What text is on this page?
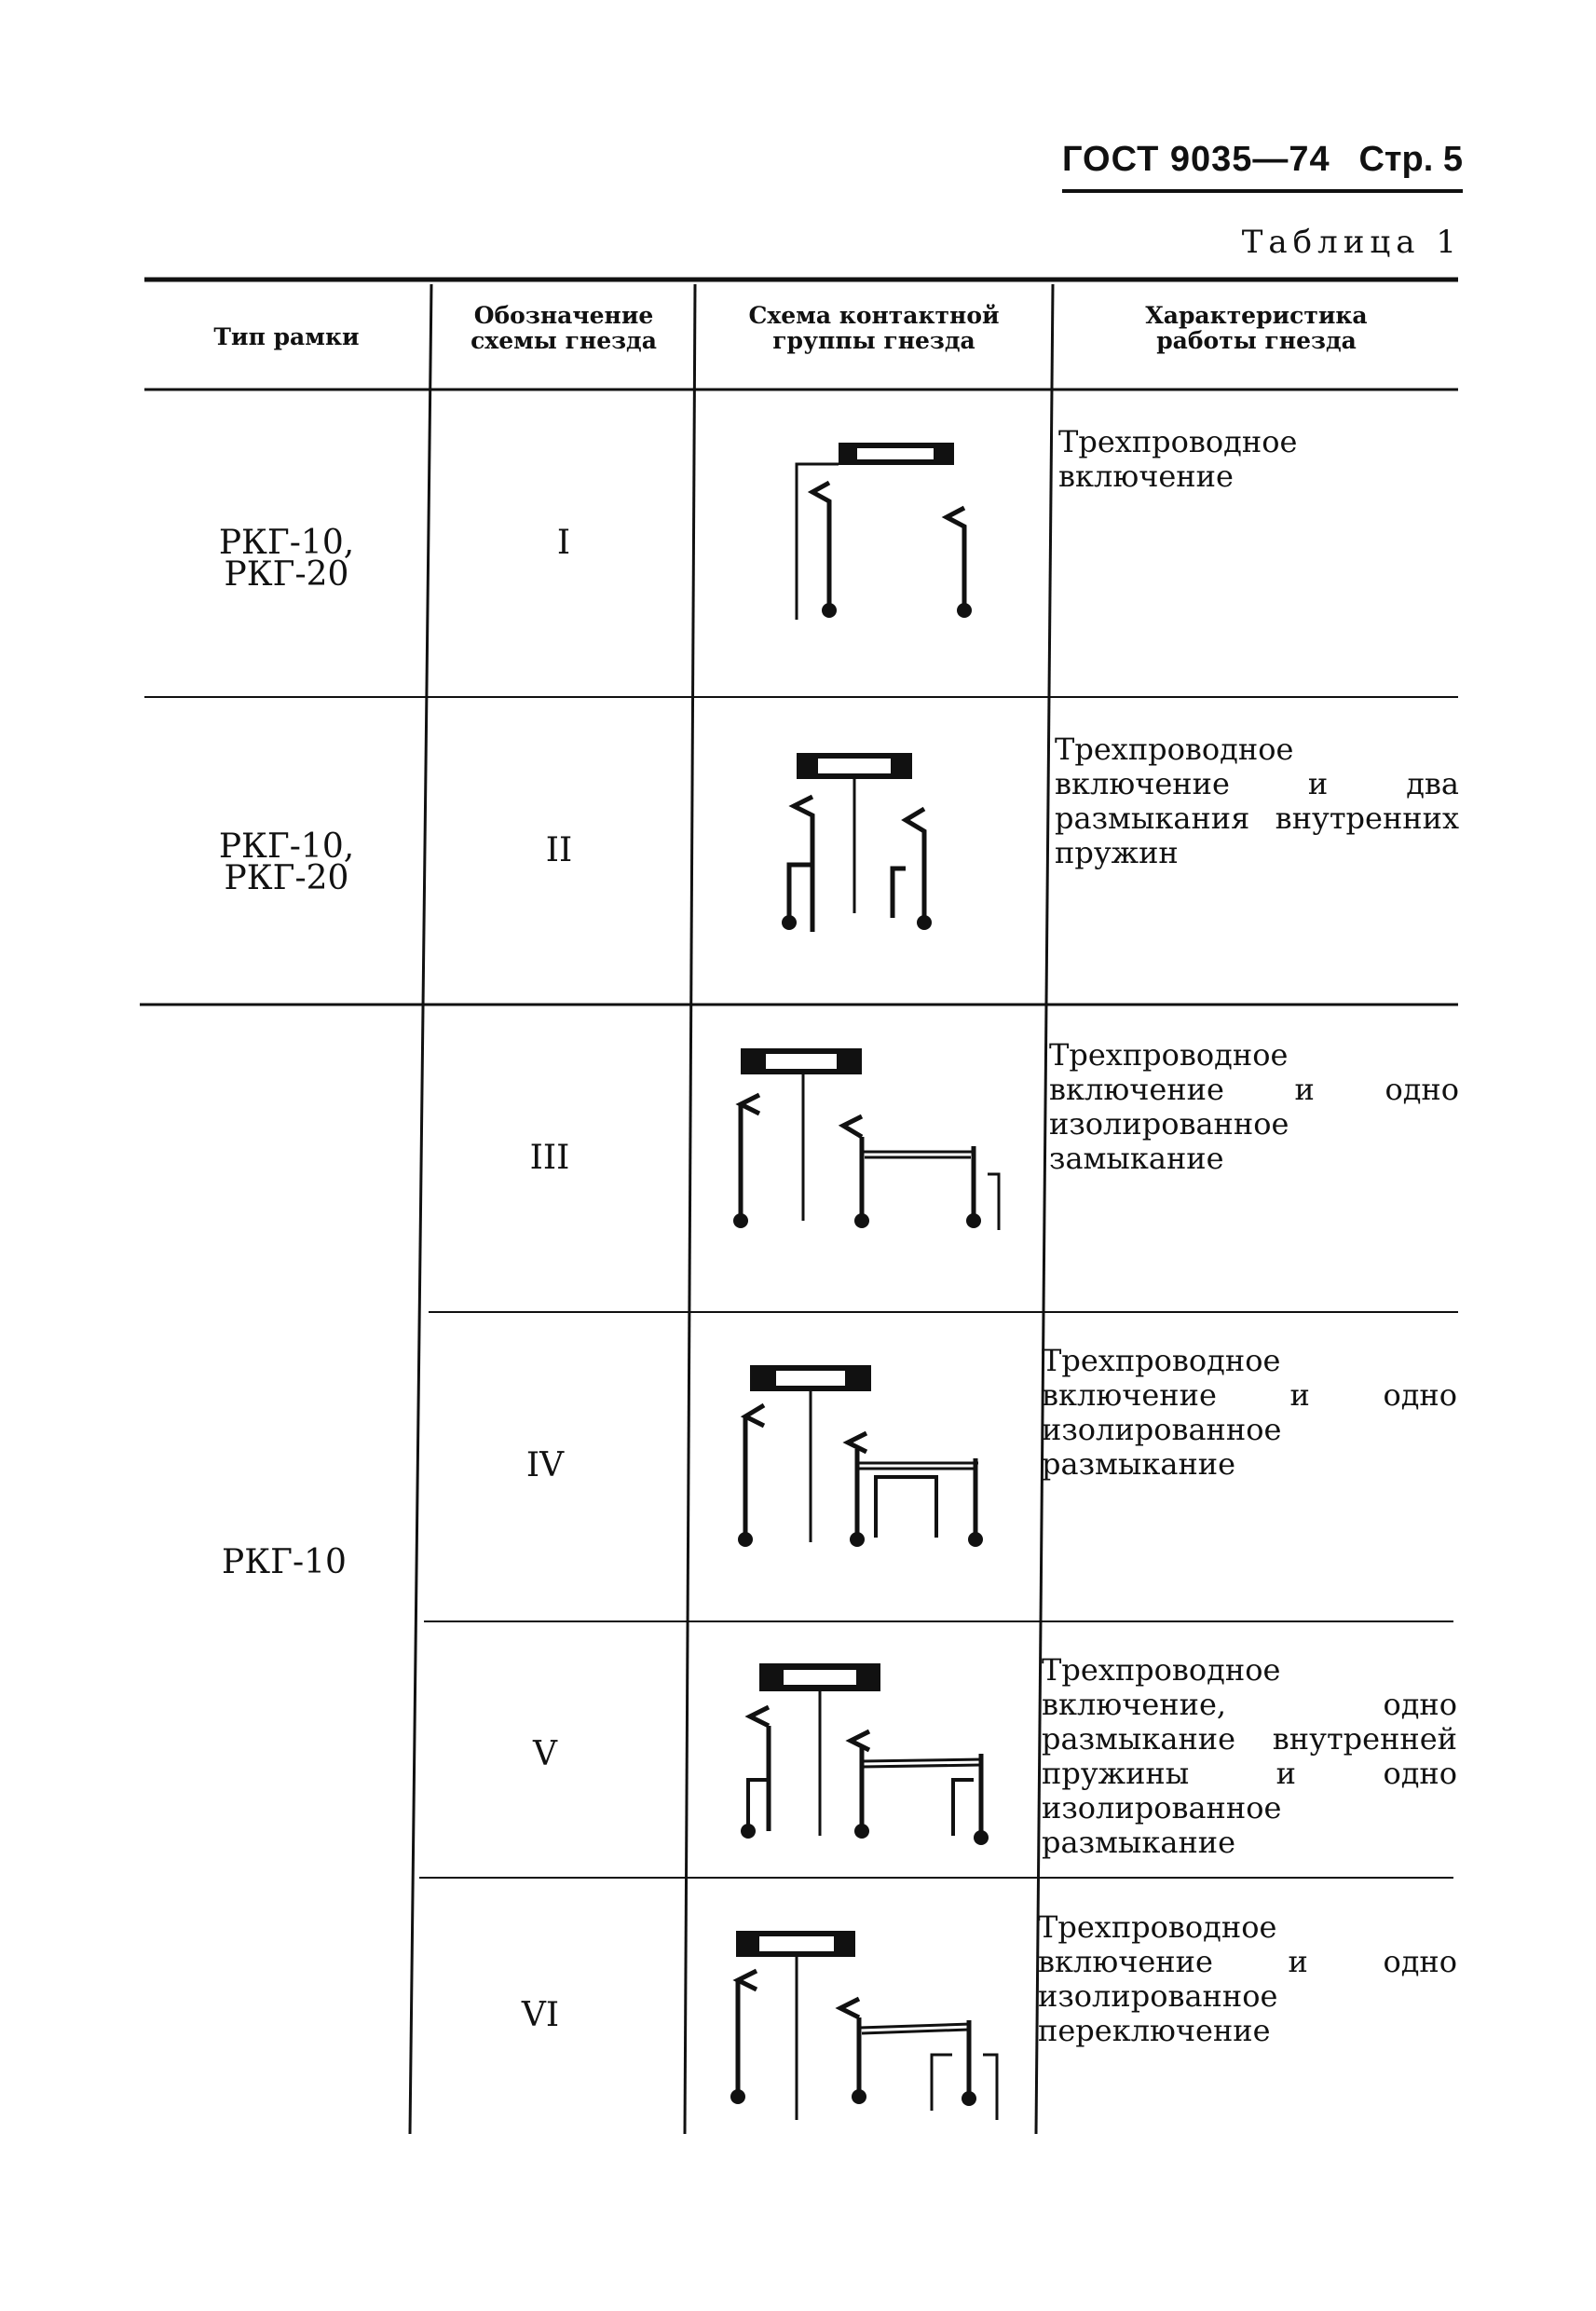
ГОСТ 9035—74 Стр. 5
Таблица 1
Тип рамки
Обозначение
схемы гнезда
Схема контактной
группы гнезда
Характеристика
работы гнезда
РКГ-10,
РКГ-20
I
Трехпроводное включение
РКГ-10,
РКГ-20
II
Трехпроводное включение и два размыкания внутренних пружин
РКГ-10
III
Трехпроводное включение и одно изолированное замыкание
IV
Трехпроводное включение и одно изолированное размыкание
V
Трехпроводное включение, одно размыкание внутренней пружины и одно изолированное размыкание
VI
Трехпроводное включение и одно изолированное переключение
